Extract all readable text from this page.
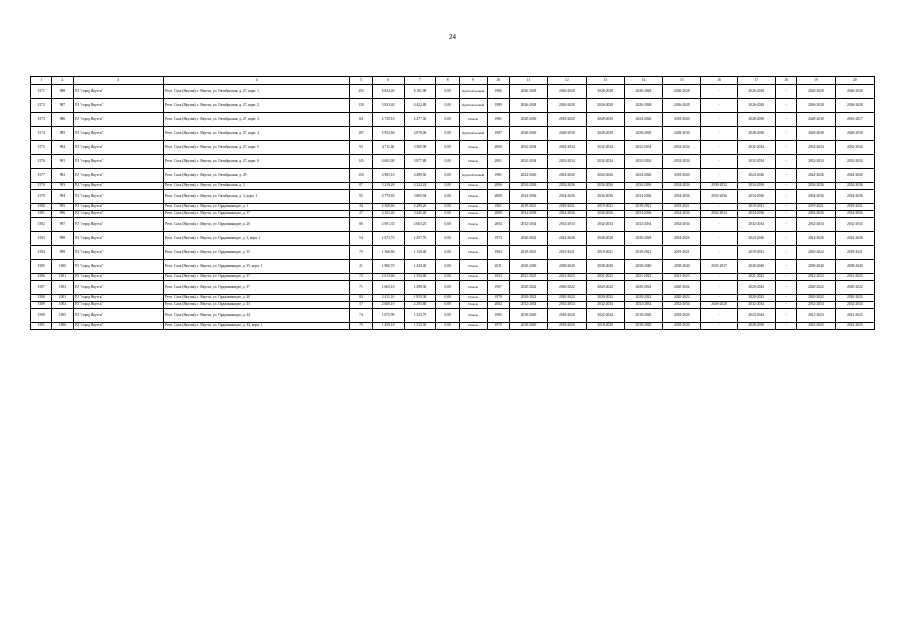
24
1	2	3	4	5	6	7	8	9	10	11	12	13	14	15	16	17	18	19	20
1571	988	ГО "город Якутск"	Респ. Саха (Якутия), г. Якутск, ул. Октябрьская, д. 27, корп. 1	292	6 824,40	6 181,90	0,00	Крупноблочный	1986	2026-2028	2026-2028	2026-2028	2026-2028	2026-2028	-	2026-2028	-	2026-2028	2026-2028
1572	987	ГО "город Якутск"	Респ. Саха (Якутия), г. Якутск, ул. Октябрьская, д. 27, корп. 2	130	5 823,40	4 422,80	0,00	Крупноблочный	1989	2026-2028	2026-2028	2026-2028	2026-2028	2026-2028	-	2026-2028	-	2026-2028	2026-2028
1573	986	ГО "город Якутск"	Респ. Саха (Якутия), г. Якутск, ул. Октябрьская, д. 27, корп. 3	84	2 739,10	2 477,50	0,00	Панель	1981	2028-2030	2018-2020	2028-2030	2024-2026	2018-2020	-	2028-2030	-	2028-2030	2016-2017
1574	985	ГО "город Якутск"	Респ. Саха (Якутия), г. Якутск, ул. Октябрьская, д. 27, корп. 4	187	5 952,66	4 878,06	0,00	Крупноблочный	1987	2028-2030	2028-2030	2028-2030	2028-2030	2028-2030	-	2028-2030	-	2028-2030	2028-2030
1575	984	ГО "город Якутск"	Респ. Саха (Якутия), г. Якутск, ул. Октябрьская, д. 27, корп. 5	93	4 711,60	3 365,90	0,00	Панель	2000	2032-2034	2032-2034	2032-2034	2032-2034	2032-2034	-	2032-2034	-	2032-2034	2032-2034
1576	981	ГО "город Якутск"	Респ. Саха (Якутия), г. Якутск, ул. Октябрьская, д. 27, корп. 6	145	4 602,00	3 877,80	0,00	Панель	2001	2032-2034	2032-2034	2032-2034	2032-2034	2032-2034	-	2032-2034	-	2032-2034	2032-2034
1577	982	ГО "город Якутск"	Респ. Саха (Якутия), г. Якутск, ул. Октябрьская, д. 29	150	4 985,10	4 489,50	0,00	Крупноблочный	1981	2024-2026	2024-2026	2024-2026	2024-2026	2018-2020	-	2024-2026	-	2024-2026	2024-2026
1578	993	ГО "город Якутск"	Респ. Саха (Якутия), г. Якутск, ул. Октябрьская, д. 3	87	5 219,26	4 222,24	0,00	Панель	2006	2034-2036	2034-2036	2034-2036	2034-2036	2034-2036	2030-2032	2034-2036	-	2034-2036	2034-2036
1579	994	ГО "город Якутск"	Респ. Саха (Якутия), г. Якутск, ул. Октябрьская, д. 3, корп. 1	95	4 779,65	3 805,94	0,00	Панель	2009	2034-2036	2034-2036	2034-2036	2034-2036	2034-2036	2033-2036	2034-2036	-	2034-2036	2034-2036
1580	995	ГО "город Якутск"	Респ. Саха (Якутия), г. Якутск, ул. Орджоникидзе, д. 1	34	2 509,60	2 290,20	0,00	Панель	1961	2019-2021	2019-2021	2019-2021	2019-2021	2019-2021	-	2019-2021	-	2019-2021	2019-2021
1581	996	ГО "город Якутск"	Респ. Саха (Якутия), г. Якутск, ул. Орджоникидзе, д. 17	27	4 101,40	3 445,40	0,00	Панель	2008	2034-2036	2034-2036	2034-2036	2034-2036	2034-2036	2032-2034	2034-2036	-	2034-2036	2034-2036
1582	997	ГО "город Якутск"	Респ. Саха (Якутия), г. Якутск, ул. Орджоникидзе, д. 20	80	2 901,35	2 663,25	0,00	Панель	2004	2032-2034	2032-2034	2032-2034	2032-2034	2032-2034	-	2032-2034	-	2032-2034	2032-2034
1583	998	ГО "город Якутск"	Респ. Саха (Якутия), г. Якутск, ул. Орджоникидзе, д. 3, корп. 1	54	1 673,70	1 457,70	0,00	Панель	1973	2020-2022	2024-2026	2026-2028	2026-2028	2024-2026	-	2024-2026	-	2024-2026	2024-2026
1584	999	ГО "город Якутск"	Респ. Саха (Якутия), г. Якутск, ул. Орджоникидзе, д. 35	70	1 360,60	1 129,40	0,00	Панель	1963	2019-2021	2013-2021	2019-2021	2019-2021	2019-2021	-	2019-2021	-	2020-2022	2019-2021
1585	1000	ГО "город Якутск"	Респ. Саха (Якутия), г. Якутск, ул. Орджоникидзе, д. 35, корп. 1	21	1 980,70	1 443,40	0,00	Панель	2011	2038-2040	2038-2040	2038-2040	2038-2040	2038-2040	2035-2037	2038-2040	-	2038-2040	2038-2040
1586	1001	ГО "город Якутск"	Респ. Саха (Якутия), г. Якутск, ул. Орджоникидзе, д. 37	73	2 613,60	1 594,80	0,00	Панель	1953	2021-2023	2021-2023	2021-2023	2021-2023	2021-2023	-	2021-2023	-	2021-2023	2021-2023
1587	1002	ГО "город Якутск"	Респ. Саха (Якутия), г. Якутск, ул. Орджоникидзе, д. 37	71	1 665,10	1 498,30	0,00	Панель	1967	2020-2022	2020-2022	2020-2022	2020-2022	2020-2022	-	2020-2022	-	2020-2022	2020-2022
1588	1003	ГО "город Якутск"	Респ. Саха (Якутия), г. Якутск, ул. Орджоникидзе, д. 40	84	2 411,10	1 833,30	0,00	Панель	1970	2020-2022	2020-2022	2020-2022	2020-2022	2020-2022	-	2020-2022	-	2020-2022	2020-2022
1589	1004	ГО "город Якутск"	Респ. Саха (Якутия), г. Якутск, ул. Орджоникидзе, д. 43	57	2 660,10	2 293,60	0,00	Панель	2002	2032-2034	2032-2034	2032-2034	2032-2034	2032-2034	2026-2028	2032-2034	-	2032-2034	2032-2034
1590	1005	ГО "город Якутск"	Респ. Саха (Якутия), г. Якутск, ул. Орджоникидзе, д. 44	74	1 675,99	1 323,79	0,00	Панель	1985	2018-2020	2018-2020	2022-2024	2018-2020	2018-2020	-	2023-2024	-	2021-2023	2021-2023
1591	1006	ГО "город Якутск"	Респ. Саха (Якутия), г. Якутск, ул. Орджоникидзе, д. 44, корп. 1	75	1 459,10	1 313,50	0,00	Панель	1975	2018-2020	2018-2020	2018-2020	2018-2020	2018-2020	-	2028-2030	-	2023-2025	2023-2025
